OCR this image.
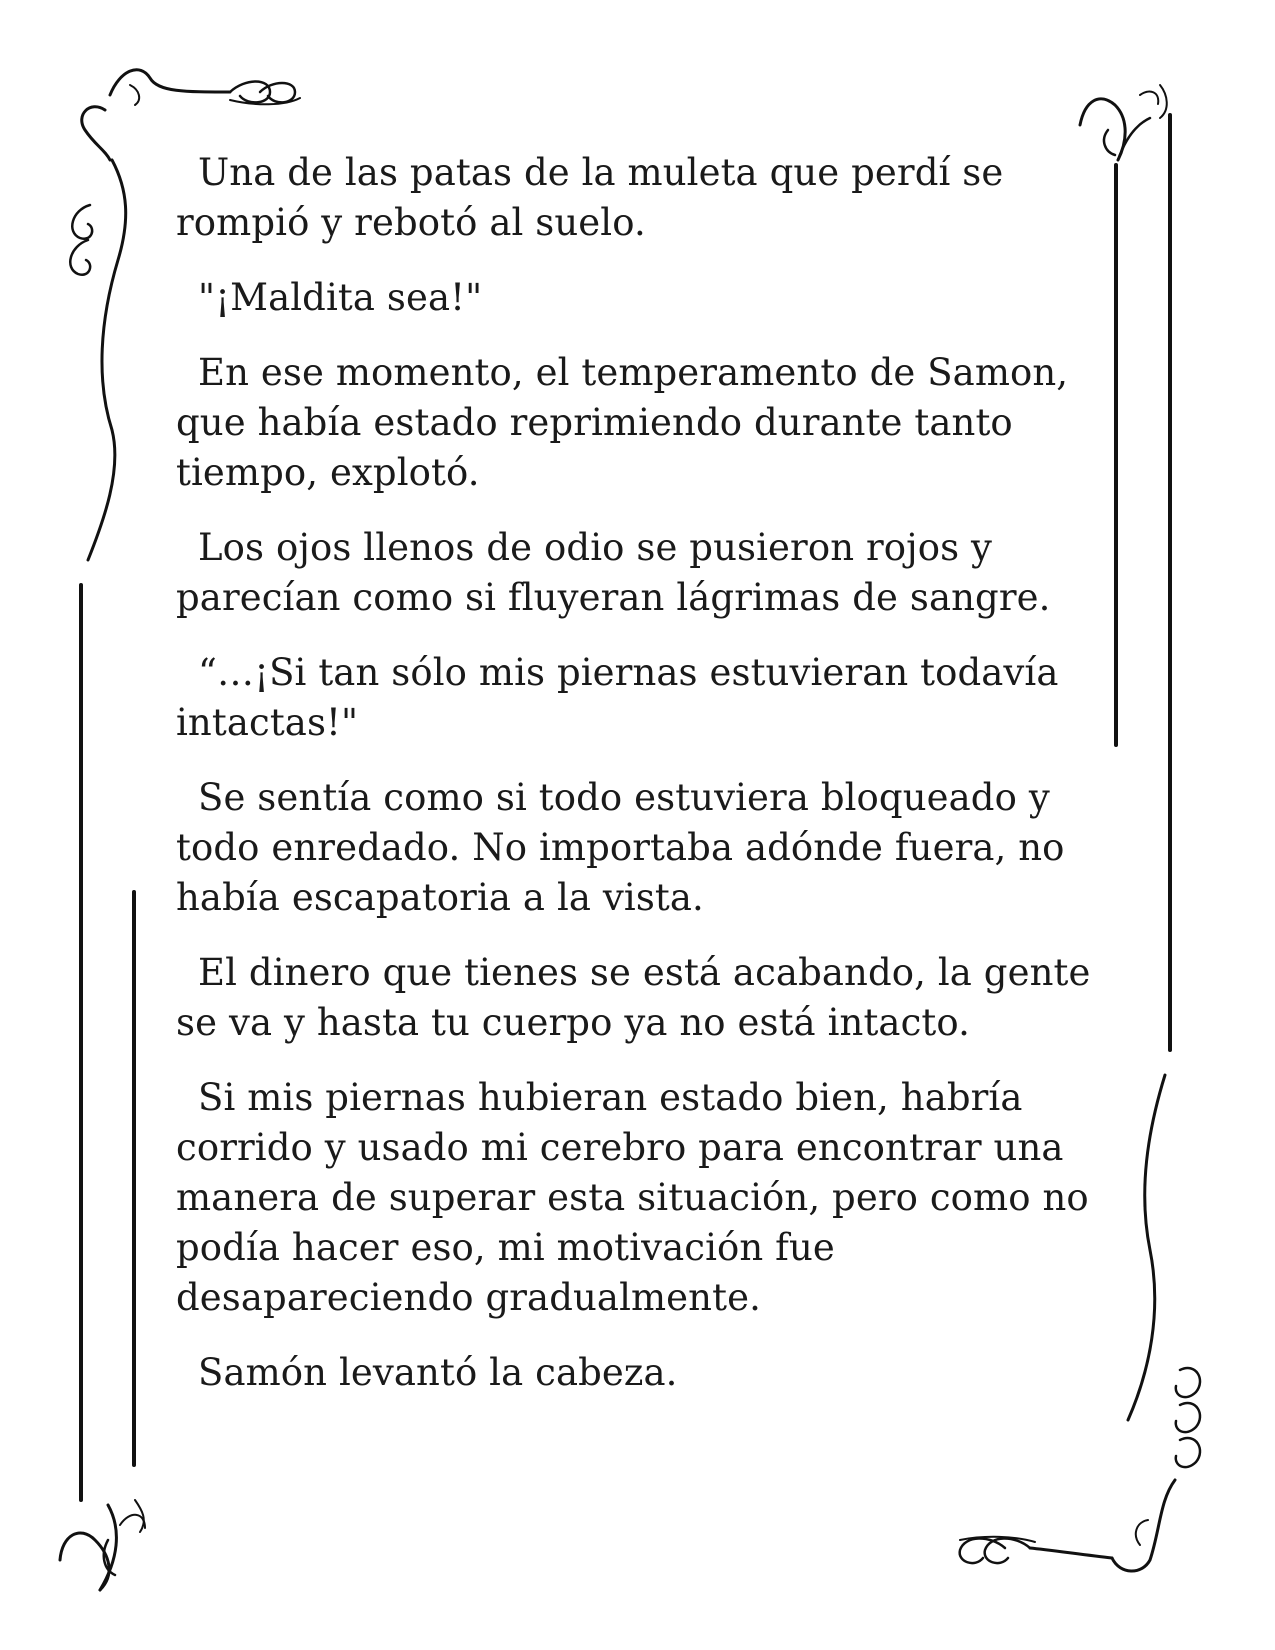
Una de las patas de la muleta que perdí se rompió y rebotó al suelo.

"¡Maldita sea!"

En ese momento, el temperamento de Samon, que había estado reprimiendo durante tanto tiempo, explotó.

Los ojos llenos de odio se pusieron rojos y parecían como si fluyeran lágrimas de sangre.

“…¡Si tan sólo mis piernas estuvieran todavía intactas!"

Se sentía como si todo estuviera bloqueado y todo enredado. No importaba adónde fuera, no había escapatoria a la vista.

El dinero que tienes se está acabando, la gente se va y hasta tu cuerpo ya no está intacto.

Si mis piernas hubieran estado bien, habría corrido y usado mi cerebro para encontrar una manera de superar esta situación, pero como no podía hacer eso, mi motivación fue desapareciendo gradualmente.

Samón levantó la cabeza.
